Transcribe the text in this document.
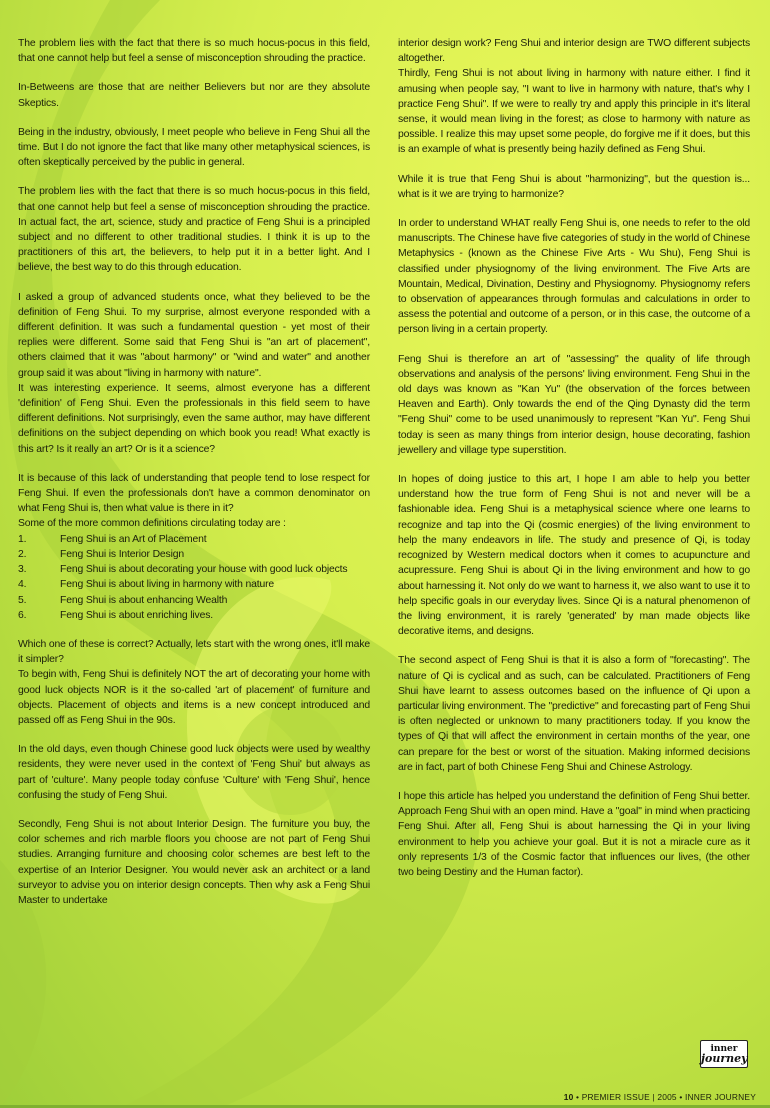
The problem lies with the fact that there is so much hocus-pocus in this field, that one cannot help but feel a sense of misconception shrouding the practice.

In-Betweens are those that are neither Believers but nor are they absolute Skeptics.

Being in the industry, obviously, I meet people who believe in Feng Shui all the time. But I do not ignore the fact that like many other metaphysical sciences, is often skeptically perceived by the public in general.

The problem lies with the fact that there is so much hocus-pocus in this field, that one cannot help but feel a sense of misconception shrouding the practice. In actual fact, the art, science, study and practice of Feng Shui is a principled subject and no different to other traditional studies. I think it is up to the practitioners of this art, the believers, to help put it in a better light. And I believe, the best way to do this through education.

I asked a group of advanced students once, what they believed to be the definition of Feng Shui. To my surprise, almost everyone responded with a different definition. It was such a fundamental question - yet most of their replies were different. Some said that Feng Shui is "an art of placement", others claimed that it was "about harmony" or "wind and water" and another group said it was about "living in harmony with nature".

It was interesting experience. It seems, almost everyone has a different 'definition' of Feng Shui. Even the professionals in this field seem to have different definitions. Not surprisingly, even the same author, may have different definitions on the subject depending on which book you read! What exactly is this art? Is it really an art? Or is it a science?

It is because of this lack of understanding that people tend to lose respect for Feng Shui. If even the professionals don't have a common denominator on what Feng Shui is, then what value is there in it?

Some of the more common definitions circulating today are :

1.	Feng Shui is an Art of Placement
2.	Feng Shui is Interior Design
3.	Feng Shui is about decorating your house with good luck objects
4.	Feng Shui is about living in harmony with nature
5.	Feng Shui is about enhancing Wealth
6.	Feng Shui is about enriching lives.

Which one of these is correct? Actually, lets start with the wrong ones, it'll make it simpler?

To begin with, Feng Shui is definitely NOT the art of decorating your home with good luck objects NOR is it the so-called 'art of placement' of furniture and objects. Placement of objects and items is a new concept introduced and passed off as Feng Shui in the 90s.

In the old days, even though Chinese good luck objects were used by wealthy residents, they were never used in the context of 'Feng Shui' but always as part of 'culture'. Many people today confuse 'Culture' with 'Feng Shui', hence confusing the study of Feng Shui.

Secondly, Feng Shui is not about Interior Design. The furniture you buy, the color schemes and rich marble floors you choose are not part of Feng Shui studies. Arranging furniture and choosing color schemes are best left to the expertise of an Interior Designer. You would never ask an architect or a land surveyor to advise you on interior design concepts. Then why ask a Feng Shui Master to undertake

interior design work? Feng Shui and interior design are TWO different subjects altogether.

Thirdly, Feng Shui is not about living in harmony with nature either. I find it amusing when people say, "I want to live in harmony with nature, that's why I practice Feng Shui". If we were to really try and apply this principle in it's literal sense, it would mean living in the forest; as close to harmony with nature as possible. I realize this may upset some people, do forgive me if it does, but this is an example of what is presently being hazily defined as Feng Shui.

While it is true that Feng Shui is about "harmonizing", but the question is... what is it we are trying to harmonize?

In order to understand WHAT really Feng Shui is, one needs to refer to the old manuscripts. The Chinese have five categories of study in the world of Chinese Metaphysics - (known as the Chinese Five Arts - Wu Shu), Feng Shui is classified under physiognomy of the living environment. The Five Arts are Mountain, Medical, Divination, Destiny and Physiognomy. Physiognomy refers to observation of appearances through formulas and calculations in order to assess the potential and outcome of a person, or in this case, the outcome of a person living in a certain property.

Feng Shui is therefore an art of "assessing" the quality of life through observations and analysis of the persons' living environment. Feng Shui in the old days was known as "Kan Yu" (the observation of the forces between Heaven and Earth). Only towards the end of the Qing Dynasty did the term "Feng Shui" come to be used unanimously to represent "Kan Yu". Feng Shui today is seen as many things from interior design, house decorating, fashion jewellery and village type superstition.

In hopes of doing justice to this art, I hope I am able to help you better understand how the true form of Feng Shui is not and never will be a fashionable idea. Feng Shui is a metaphysical science where one learns to recognize and tap into the Qi (cosmic energies) of the living environment to help the many endeavors in life. The study and presence of Qi, is today recognized by Western medical doctors when it comes to acupuncture and acupressure. Feng Shui is about Qi in the living environment and how to go about harnessing it. Not only do we want to harness it, we also want to use it to help specific goals in our everyday lives. Since Qi is a natural phenomenon of the living environment, it is rarely 'generated' by man made objects like decorative items, and designs.

The second aspect of Feng Shui is that it is also a form of "forecasting". The nature of Qi is cyclical and as such, can be calculated. Practitioners of Feng Shui have learnt to assess outcomes based on the influence of Qi upon a particular living environment. The "predictive" and forecasting part of Feng Shui is often neglected or unknown to many practitioners today. If you know the types of Qi that will affect the environment in certain months of the year, one can prepare for the best or worst of the situation. Making informed decisions are in fact, part of both Chinese Feng Shui and Chinese Astrology.

I hope this article has helped you understand the definition of Feng Shui better. Approach Feng Shui with an open mind. Have a "goal" in mind when practicing Feng Shui. After all, Feng Shui is about harnessing the Qi in your living environment to help you achieve your goal. But it is not a miracle cure as it only represents 1/3 of the Cosmic factor that influences our lives, (the other two being Destiny and the Human factor).

inner
journey
10 • PREMIER ISSUE | 2005 • INNER JOURNEY
